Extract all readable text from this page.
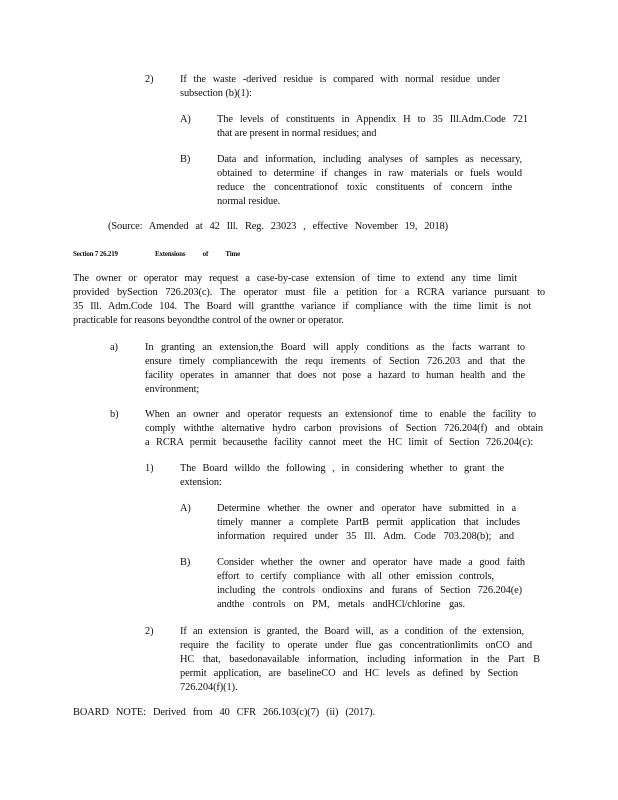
2)	If the waste -derived residue is compared with normal residue under
subsection (b)(1):
A)	The levels of constituents in Appendix H to 35 Ill.Adm.Code 721
that are present in normal residues; and
B)	Data and information, including analyses of samples as necessary,
obtained to determine if changes in raw materials or fuels would
reduce the concentrationof toxic constituents of concern inthe
normal residue.
(Source: Amended at 42 Ill. Reg. 23023 , effective November 19, 2018)
Section 7 26.219	Extensions of Time
The owner or operator may request a case-by-case extension of time to extend any time limit
provided bySection 726.203(c). The operator must file a petition for a RCRA variance pursuant to
35 Ill. Adm.Code 104. The Board will grantthe variance if compliance with the time limit is not
practicable for reasons beyondthe control of the owner or operator.
a)	In granting an extension,the Board will apply conditions as the facts warrant to
ensure timely compliancewith the requ irements of Section 726.203 and that the
facility operates in amanner that does not pose a hazard to human health and the
environment;
b)	When an owner and operator requests an extensionof time to enable the facility to
comply withthe alternative hydro carbon provisions of Section 726.204(f) and obtain
a RCRA permit becausethe facility cannot meet the HC limit of Section 726.204(c):
1)	The Board willdo the following , in considering whether to grant the
extension:
A)	Determine whether the owner and operator have submitted in a
timely manner a complete PartB permit application that includes
information required under 35 Ill. Adm. Code 703.208(b); and
B)	Consider whether the owner and operator have made a good faith
effort to certify compliance with all other emission controls,
including the controls ondioxins and furans of Section 726.204(e)
andthe controls on PM, metals andHCl/chlorine gas.
2)	If an extension is granted, the Board will, as a condition of the extension,
require the facility to operate under flue gas concentrationlimits onCO and
HC that, basedonavailable information, including information in the Part B
permit application, are baselineCO and HC levels as defined by Section
726.204(f)(1).
BOARD NOTE: Derived from 40 CFR 266.103(c)(7) (ii) (2017).
